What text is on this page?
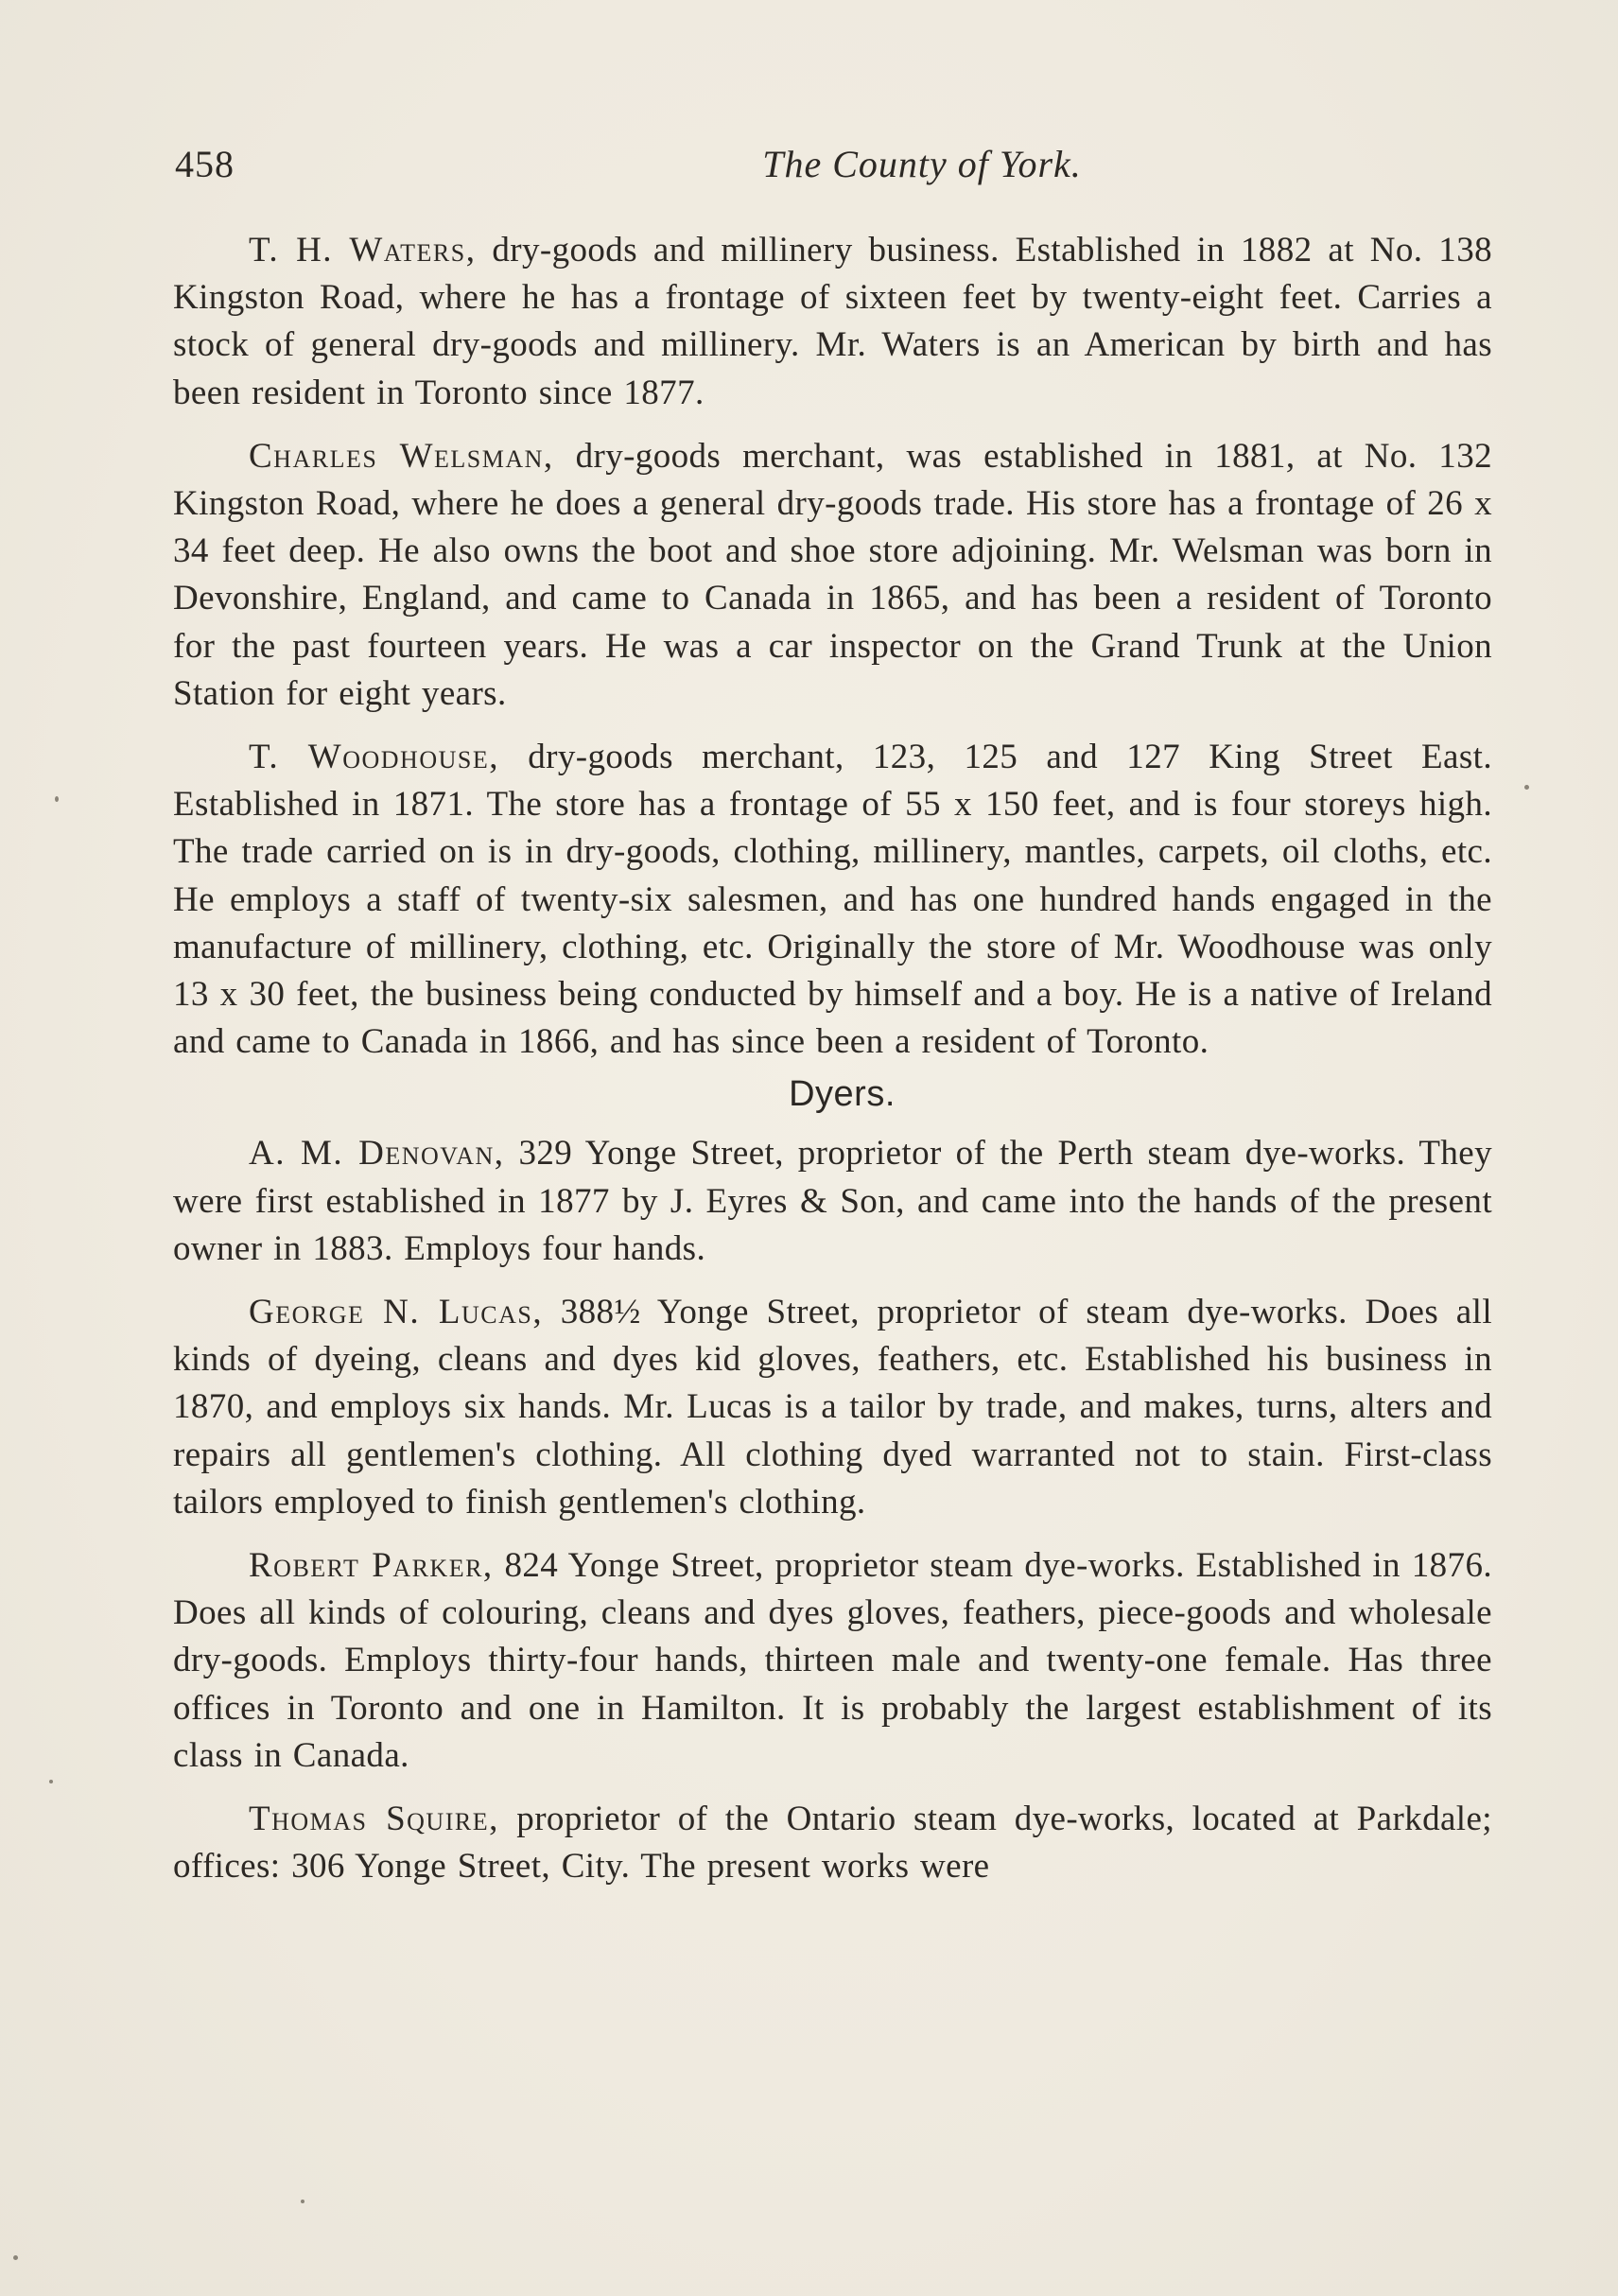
458	The County of York.

T. H. Waters, dry-goods and millinery business. Established in 1882 at No. 138 Kingston Road, where he has a frontage of sixteen feet by twenty-eight feet. Carries a stock of general dry-goods and millinery. Mr. Waters is an American by birth and has been resident in Toronto since 1877.

Charles Welsman, dry-goods merchant, was established in 1881, at No. 132 Kingston Road, where he does a general dry-goods trade. His store has a frontage of 26 x 34 feet deep. He also owns the boot and shoe store adjoining. Mr. Welsman was born in Devonshire, England, and came to Canada in 1865, and has been a resident of Toronto for the past fourteen years. He was a car inspector on the Grand Trunk at the Union Station for eight years.

T. Woodhouse, dry-goods merchant, 123, 125 and 127 King Street East. Established in 1871. The store has a frontage of 55 x 150 feet, and is four storeys high. The trade carried on is in dry-goods, clothing, millinery, mantles, carpets, oil cloths, etc. He employs a staff of twenty-six salesmen, and has one hundred hands engaged in the manufacture of millinery, clothing, etc. Originally the store of Mr. Woodhouse was only 13 x 30 feet, the business being conducted by himself and a boy. He is a native of Ireland and came to Canada in 1866, and has since been a resident of Toronto.

Dyers.

A. M. Denovan, 329 Yonge Street, proprietor of the Perth steam dye-works. They were first established in 1877 by J. Eyres & Son, and came into the hands of the present owner in 1883. Employs four hands.

George N. Lucas, 388½ Yonge Street, proprietor of steam dye-works. Does all kinds of dyeing, cleans and dyes kid gloves, feathers, etc. Established his business in 1870, and employs six hands. Mr. Lucas is a tailor by trade, and makes, turns, alters and repairs all gentlemen's clothing. All clothing dyed warranted not to stain. First-class tailors employed to finish gentlemen's clothing.

Robert Parker, 824 Yonge Street, proprietor steam dye-works. Established in 1876. Does all kinds of colouring, cleans and dyes gloves, feathers, piece-goods and wholesale dry-goods. Employs thirty-four hands, thirteen male and twenty-one female. Has three offices in Toronto and one in Hamilton. It is probably the largest establishment of its class in Canada.

Thomas Squire, proprietor of the Ontario steam dye-works, located at Parkdale; offices: 306 Yonge Street, City. The present works were
